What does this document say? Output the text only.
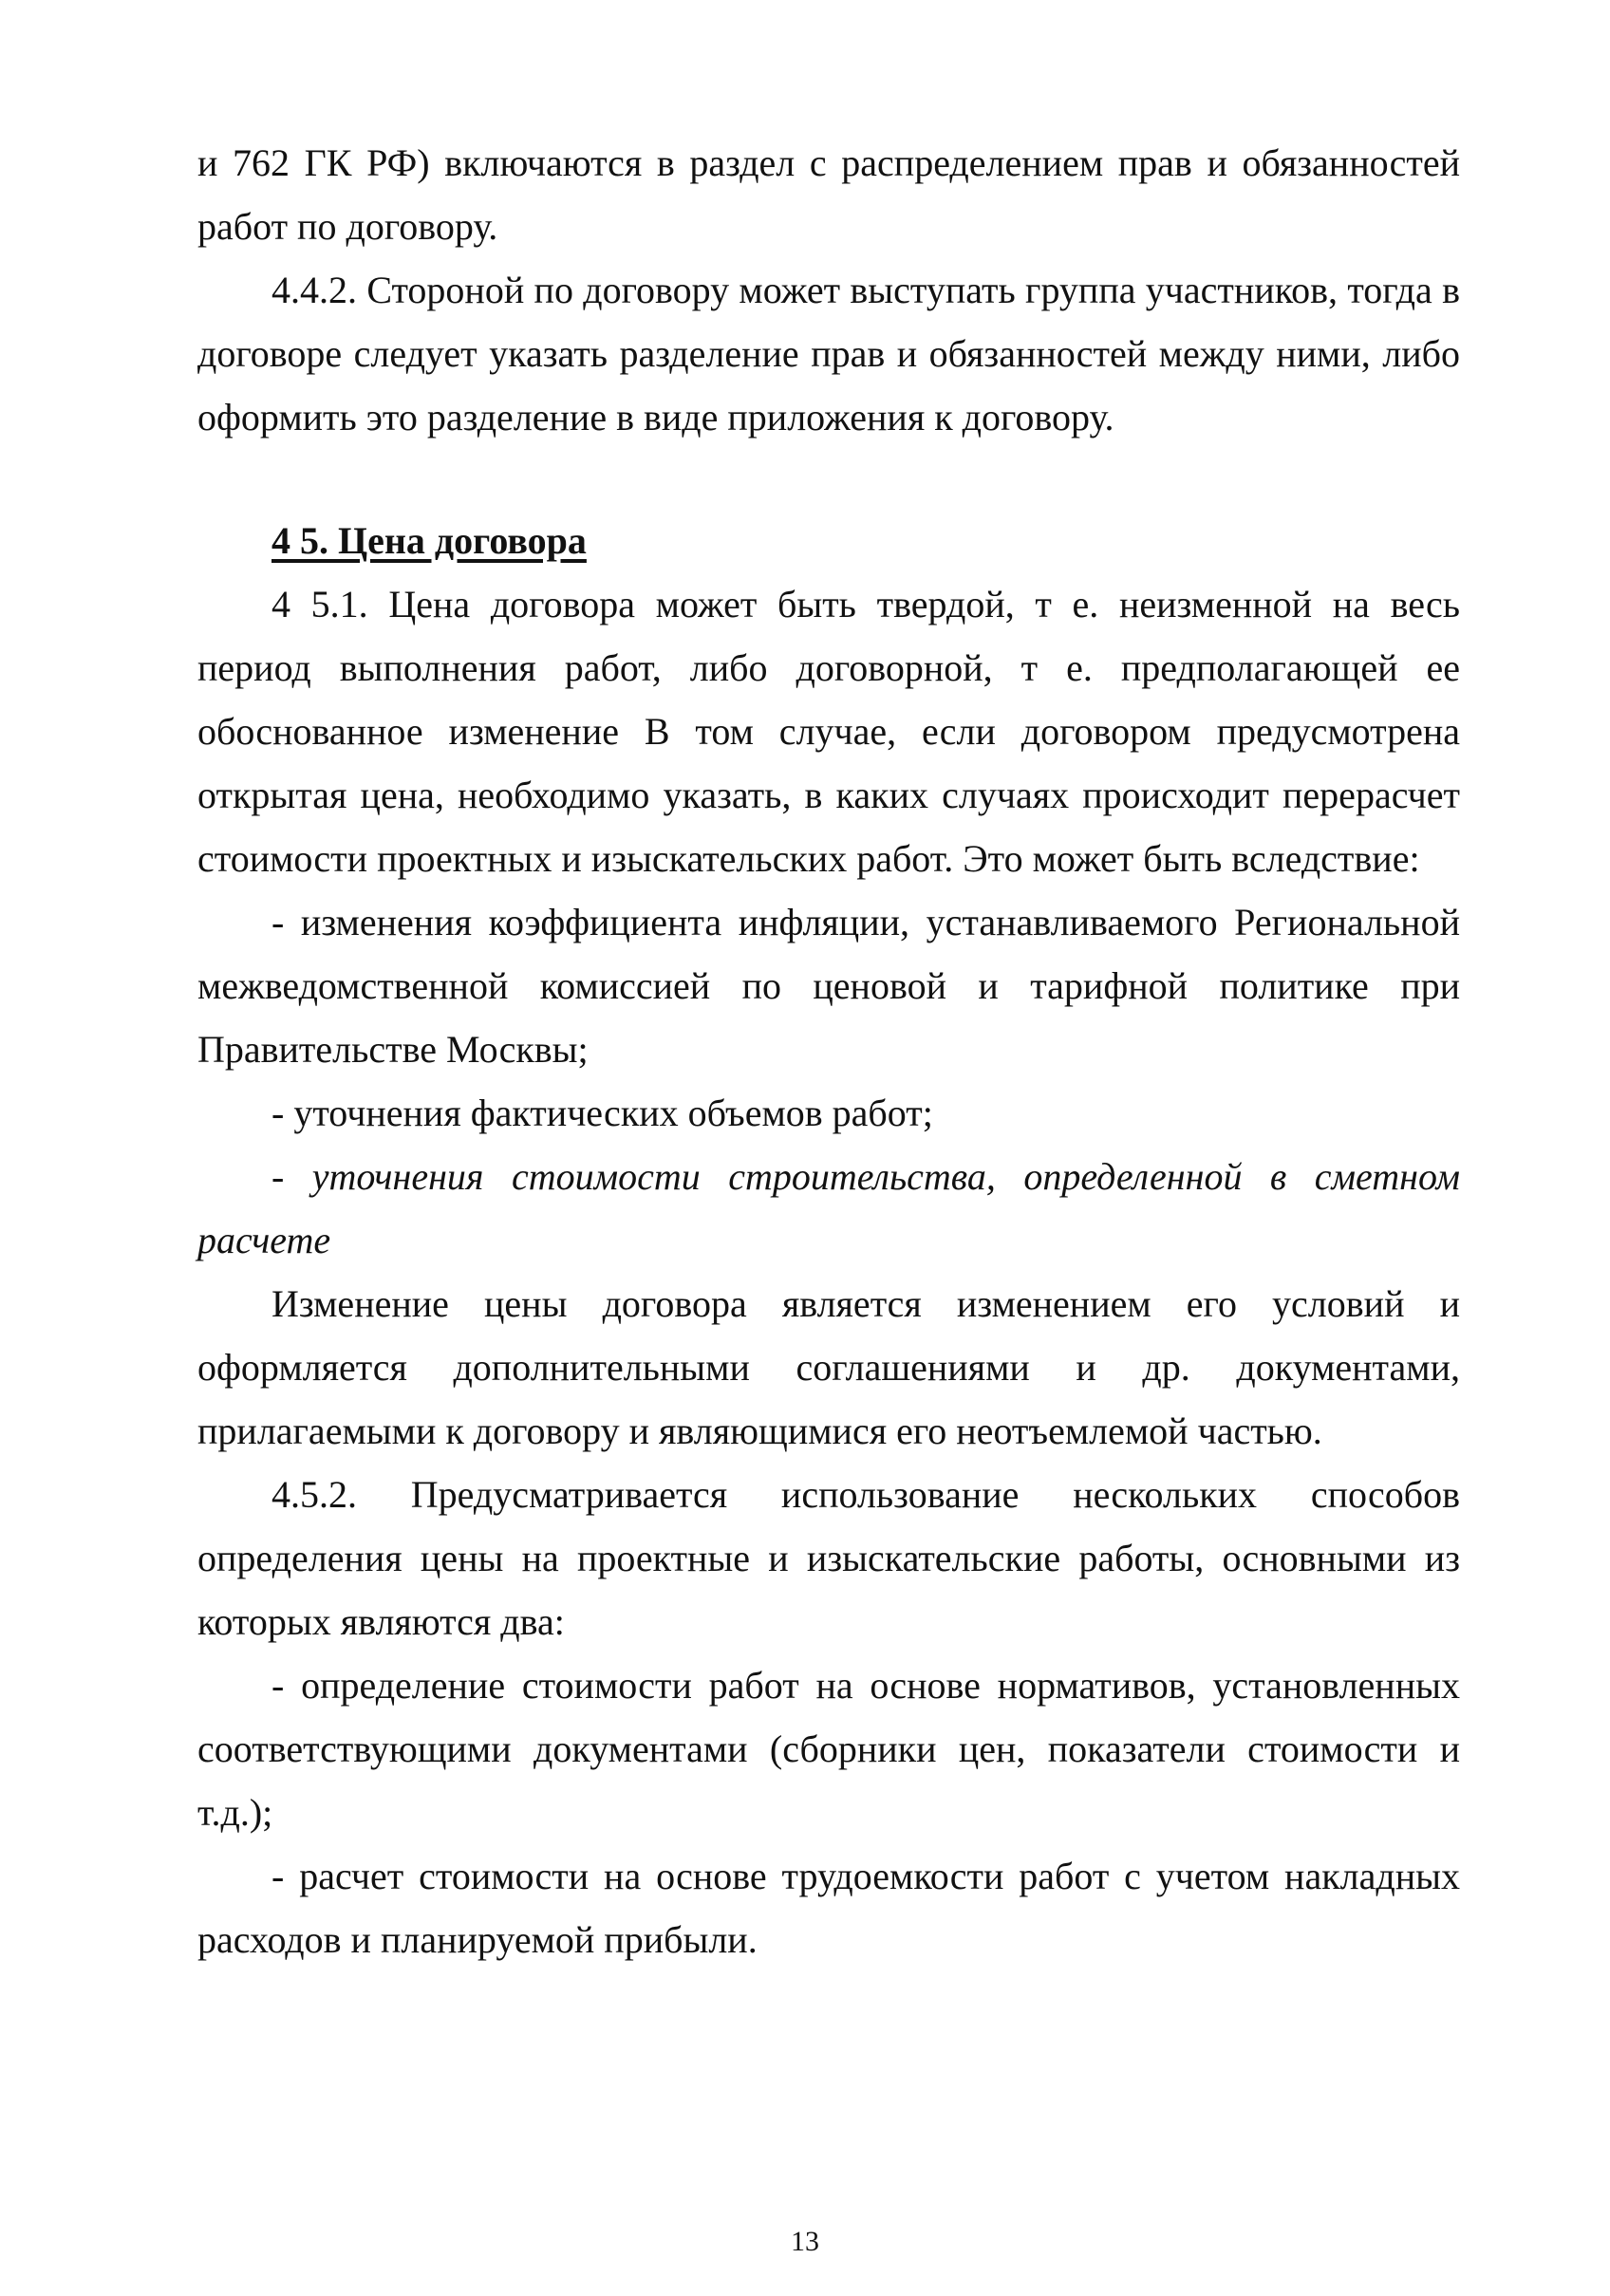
и 762 ГК РФ) включаются в раздел с распределением прав и обязанностей работ по договору.

4.4.2. Стороной по договору может выступать группа участников, тогда в договоре следует указать разделение прав и обязанностей между ними, либо оформить это разделение в виде приложения к договору.

4 5. Цена договора

4 5.1. Цена договора может быть твердой, т е. неизменной на весь период выполнения работ, либо договорной, т е. предполагающей ее обоснованное изменение В том случае, если договором предусмотрена открытая цена, необходимо указать, в каких случаях происходит перерасчет стоимости проектных и изыскательских работ. Это может быть вследствие:

- изменения коэффициента инфляции, устанавливаемого Региональной межведомственной комиссией по ценовой и тарифной политике при Правительстве Москвы;

- уточнения фактических объемов работ;

- уточнения стоимости строительства, определенной в сметном расчете

Изменение цены договора является изменением его условий и оформляется дополнительными соглашениями и др. документами, прилагаемыми к договору и являющимися его неотъемлемой частью.

4.5.2. Предусматривается использование нескольких способов определения цены на проектные и изыскательские работы, основными из которых являются два:

- определение стоимости работ на основе нормативов, установленных соответствующими документами (сборники цен, показатели стоимости и т.д.);

- расчет стоимости на основе трудоемкости работ с учетом накладных расходов и планируемой прибыли.

13
